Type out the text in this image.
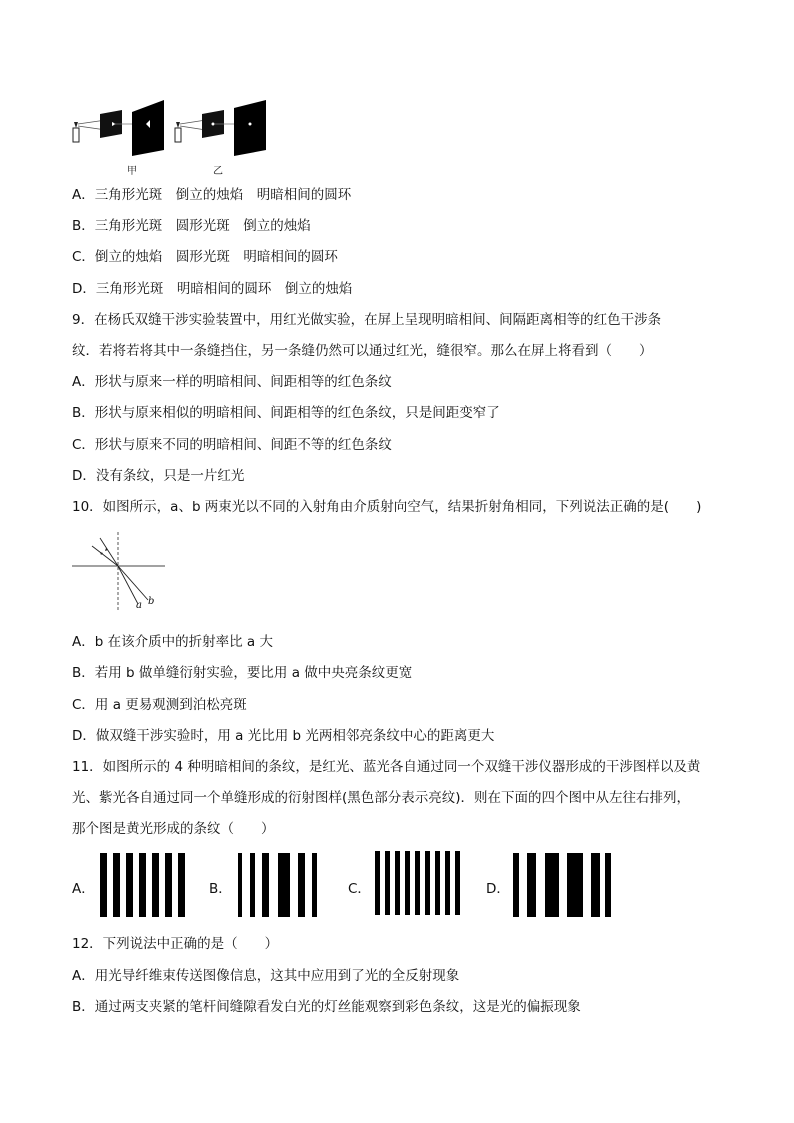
甲	乙
A．三角形光斑　倒立的烛焰　明暗相间的圆环
B．三角形光斑　圆形光斑　倒立的烛焰
C．倒立的烛焰　圆形光斑　明暗相间的圆环
D．三角形光斑　明暗相间的圆环　倒立的烛焰
9．在杨氏双缝干涉实验装置中，用红光做实验，在屏上呈现明暗相间、间隔距离相等的红色干涉条
纹．若将若将其中一条缝挡住，另一条缝仍然可以通过红光，缝很窄。那么在屏上将看到（　　）
A．形状与原来一样的明暗相间、间距相等的红色条纹
B．形状与原来相似的明暗相间、间距相等的红色条纹，只是间距变窄了
C．形状与原来不同的明暗相间、间距不等的红色条纹
D．没有条纹，只是一片红光
10．如图所示，a、b 两束光以不同的入射角由介质射向空气，结果折射角相同，下列说法正确的是(　　)
a b
A．b 在该介质中的折射率比 a 大
B．若用 b 做单缝衍射实验，要比用 a 做中央亮条纹更宽
C．用 a 更易观测到泊松亮斑
D．做双缝干涉实验时，用 a 光比用 b 光两相邻亮条纹中心的距离更大
11．如图所示的 4 种明暗相间的条纹，是红光、蓝光各自通过同一个双缝干涉仪器形成的干涉图样以及黄
光、紫光各自通过同一个单缝形成的衍射图样(黑色部分表示亮纹)．则在下面的四个图中从左往右排列，
那个图是黄光形成的条纹（　　）
A．	B．	C．	D．
12．下列说法中正确的是（　　）
A．用光导纤维束传送图像信息，这其中应用到了光的全反射现象
B．通过两支夹紧的笔杆间缝隙看发白光的灯丝能观察到彩色条纹，这是光的偏振现象
